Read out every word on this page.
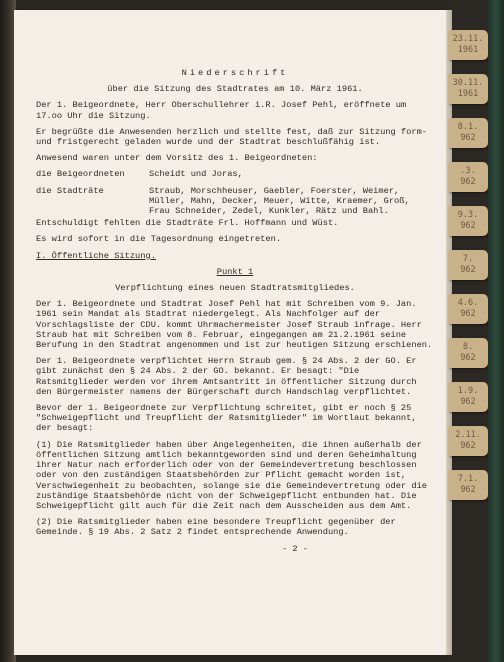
23.11.
1961
30.11.
1961
8.1.
962
.3.
962
9.3.
962
7.
962
4.6.
962
8.
962
1.9.
962
2.11.
962
7.1.
962

Niederschrift

über die Sitzung des Stadtrates am 10. März 1961.

Der 1. Beigeordnete, Herr Oberschullehrer i.R. Josef Pehl, eröffnete um 17.oo Uhr die Sitzung.

Er begrüßte die Anwesenden herzlich und stellte fest, daß zur Sitzung form- und fristgerecht geladen wurde und der Stadtrat beschlußfähig ist.

Anwesend waren unter dem Vorsitz des 1. Beigeordneten:

die Beigeordneten	Scheidt und Joras,
die Stadträte	Straub, Morschheuser, Gaebler, Foerster, Weimer, Müller, Mahn, Decker, Meuer, Witte, Kraemer, Groß, Frau Schneider, Zedel, Kunkler, Rätz und Bahl.

Entschuldigt fehlten die Stadträte Frl. Hoffmann und Wüst.

Es wird sofort in die Tagesordnung eingetreten.

I. Öffentliche Sitzung.

Punkt 1

Verpflichtung eines neuen Stadtratsmitgliedes.

Der 1. Beigeordnete und Stadtrat Josef Pehl hat mit Schreiben vom 9. Jan. 1961 sein Mandat als Stadtrat niedergelegt. Als Nachfolger auf der Vorschlagsliste der CDU. kommt Uhrmachermeister Josef Straub infrage. Herr Straub hat mit Schreiben vom 8. Februar, eingegangen am 21.2.1961 seine Berufung in den Stadtrat angenommen und ist zur heutigen Sitzung erschienen.

Der 1. Beigeordnete verpflichtet Herrn Straub gem. § 24 Abs. 2 der GO. Er gibt zunächst den § 24 Abs. 2 der GO. bekannt. Er besagt: "Die Ratsmitglieder werden vor ihrem Amtsantritt in öffentlicher Sitzung durch den Bürgermeister namens der Bürgerschaft durch Handschlag verpflichtet.

Bevor der 1. Beigeordnete zur Verpflichtung schreitet, gibt er noch § 25 "Schweigepflicht und Treupflicht der Ratsmitglieder" im Wortlaut bekannt, der besagt:

(1) Die Ratsmitglieder haben über Angelegenheiten, die ihnen außerhalb der öffentlichen Sitzung amtlich bekanntgeworden sind und deren Geheimhaltung ihrer Natur nach erforderlich oder von der Gemeindevertretung beschlossen oder von den zuständigen Staatsbehörden zur Pflicht gemacht worden ist, Verschwiegenheit zu beobachten, solange sie die Gemeindevertretung oder die zuständige Staatsbehörde nicht von der Schweigepflicht entbunden hat. Die Schweigepflicht gilt auch für die Zeit nach dem Ausscheiden aus dem Amt.

(2) Die Ratsmitglieder haben eine besondere Treupflicht gegenüber der Gemeinde. § 19 Abs. 2 Satz 2 findet entsprechende Anwendung.

- 2 -
